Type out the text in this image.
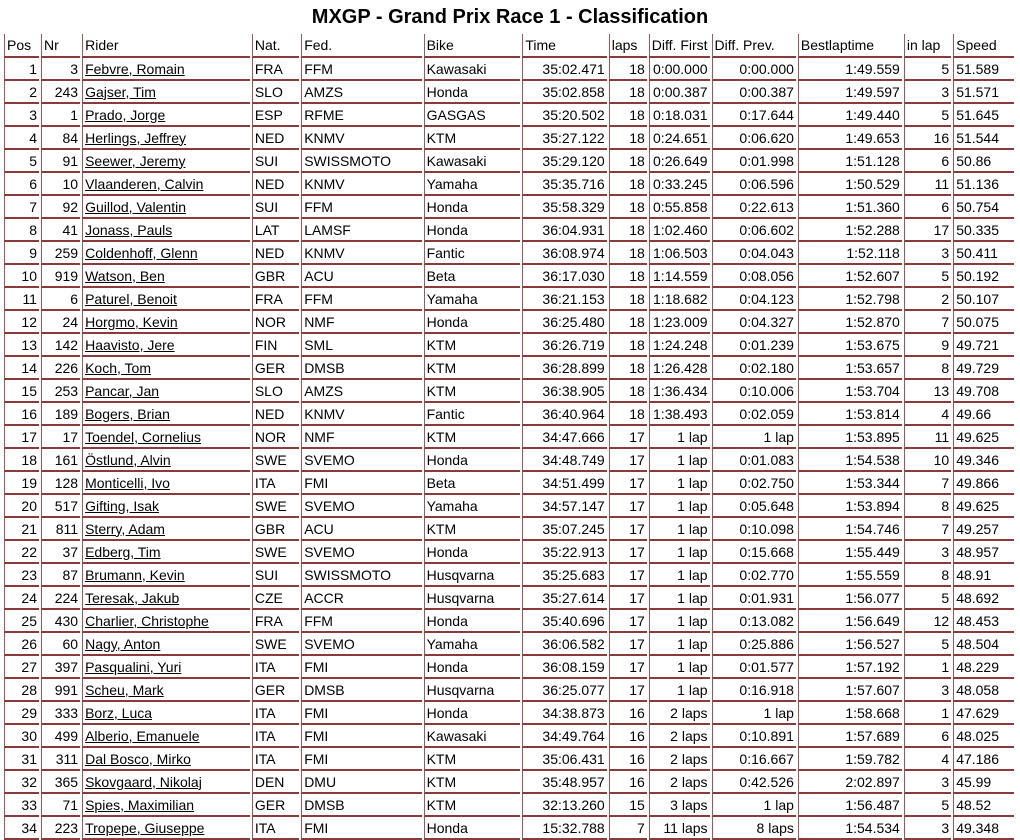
MXGP - Grand Prix Race 1 - Classification
Pos	Nr	Rider	Nat.	Fed.	Bike	Time	laps	Diff. First	Diff. Prev.	Bestlaptime	in lap	Speed
1	3	Febvre, Romain	FRA	FFM	Kawasaki	35:02.471	18	0:00.000	0:00.000	1:49.559	5	51.589
2	243	Gajser, Tim	SLO	AMZS	Honda	35:02.858	18	0:00.387	0:00.387	1:49.597	3	51.571
3	1	Prado, Jorge	ESP	RFME	GASGAS	35:20.502	18	0:18.031	0:17.644	1:49.440	5	51.645
4	84	Herlings, Jeffrey	NED	KNMV	KTM	35:27.122	18	0:24.651	0:06.620	1:49.653	16	51.544
5	91	Seewer, Jeremy	SUI	SWISSMOTO	Kawasaki	35:29.120	18	0:26.649	0:01.998	1:51.128	6	50.86
6	10	Vlaanderen, Calvin	NED	KNMV	Yamaha	35:35.716	18	0:33.245	0:06.596	1:50.529	11	51.136
7	92	Guillod, Valentin	SUI	FFM	Honda	35:58.329	18	0:55.858	0:22.613	1:51.360	6	50.754
8	41	Jonass, Pauls	LAT	LAMSF	Honda	36:04.931	18	1:02.460	0:06.602	1:52.288	17	50.335
9	259	Coldenhoff, Glenn	NED	KNMV	Fantic	36:08.974	18	1:06.503	0:04.043	1:52.118	3	50.411
10	919	Watson, Ben	GBR	ACU	Beta	36:17.030	18	1:14.559	0:08.056	1:52.607	5	50.192
11	6	Paturel, Benoit	FRA	FFM	Yamaha	36:21.153	18	1:18.682	0:04.123	1:52.798	2	50.107
12	24	Horgmo, Kevin	NOR	NMF	Honda	36:25.480	18	1:23.009	0:04.327	1:52.870	7	50.075
13	142	Haavisto, Jere	FIN	SML	KTM	36:26.719	18	1:24.248	0:01.239	1:53.675	9	49.721
14	226	Koch, Tom	GER	DMSB	KTM	36:28.899	18	1:26.428	0:02.180	1:53.657	8	49.729
15	253	Pancar, Jan	SLO	AMZS	KTM	36:38.905	18	1:36.434	0:10.006	1:53.704	13	49.708
16	189	Bogers, Brian	NED	KNMV	Fantic	36:40.964	18	1:38.493	0:02.059	1:53.814	4	49.66
17	17	Toendel, Cornelius	NOR	NMF	KTM	34:47.666	17	1 lap	1 lap	1:53.895	11	49.625
18	161	Östlund, Alvin	SWE	SVEMO	Honda	34:48.749	17	1 lap	0:01.083	1:54.538	10	49.346
19	128	Monticelli, Ivo	ITA	FMI	Beta	34:51.499	17	1 lap	0:02.750	1:53.344	7	49.866
20	517	Gifting, Isak	SWE	SVEMO	Yamaha	34:57.147	17	1 lap	0:05.648	1:53.894	8	49.625
21	811	Sterry, Adam	GBR	ACU	KTM	35:07.245	17	1 lap	0:10.098	1:54.746	7	49.257
22	37	Edberg, Tim	SWE	SVEMO	Honda	35:22.913	17	1 lap	0:15.668	1:55.449	3	48.957
23	87	Brumann, Kevin	SUI	SWISSMOTO	Husqvarna	35:25.683	17	1 lap	0:02.770	1:55.559	8	48.91
24	224	Teresak, Jakub	CZE	ACCR	Husqvarna	35:27.614	17	1 lap	0:01.931	1:56.077	5	48.692
25	430	Charlier, Christophe	FRA	FFM	Honda	35:40.696	17	1 lap	0:13.082	1:56.649	12	48.453
26	60	Nagy, Anton	SWE	SVEMO	Yamaha	36:06.582	17	1 lap	0:25.886	1:56.527	5	48.504
27	397	Pasqualini, Yuri	ITA	FMI	Honda	36:08.159	17	1 lap	0:01.577	1:57.192	1	48.229
28	991	Scheu, Mark	GER	DMSB	Husqvarna	36:25.077	17	1 lap	0:16.918	1:57.607	3	48.058
29	333	Borz, Luca	ITA	FMI	Honda	34:38.873	16	2 laps	1 lap	1:58.668	1	47.629
30	499	Alberio, Emanuele	ITA	FMI	Kawasaki	34:49.764	16	2 laps	0:10.891	1:57.689	6	48.025
31	311	Dal Bosco, Mirko	ITA	FMI	KTM	35:06.431	16	2 laps	0:16.667	1:59.782	4	47.186
32	365	Skovgaard, Nikolaj	DEN	DMU	KTM	35:48.957	16	2 laps	0:42.526	2:02.897	3	45.99
33	71	Spies, Maximilian	GER	DMSB	KTM	32:13.260	15	3 laps	1 lap	1:56.487	5	48.52
34	223	Tropepe, Giuseppe	ITA	FMI	Honda	15:32.788	7	11 laps	8 laps	1:54.534	3	49.348
